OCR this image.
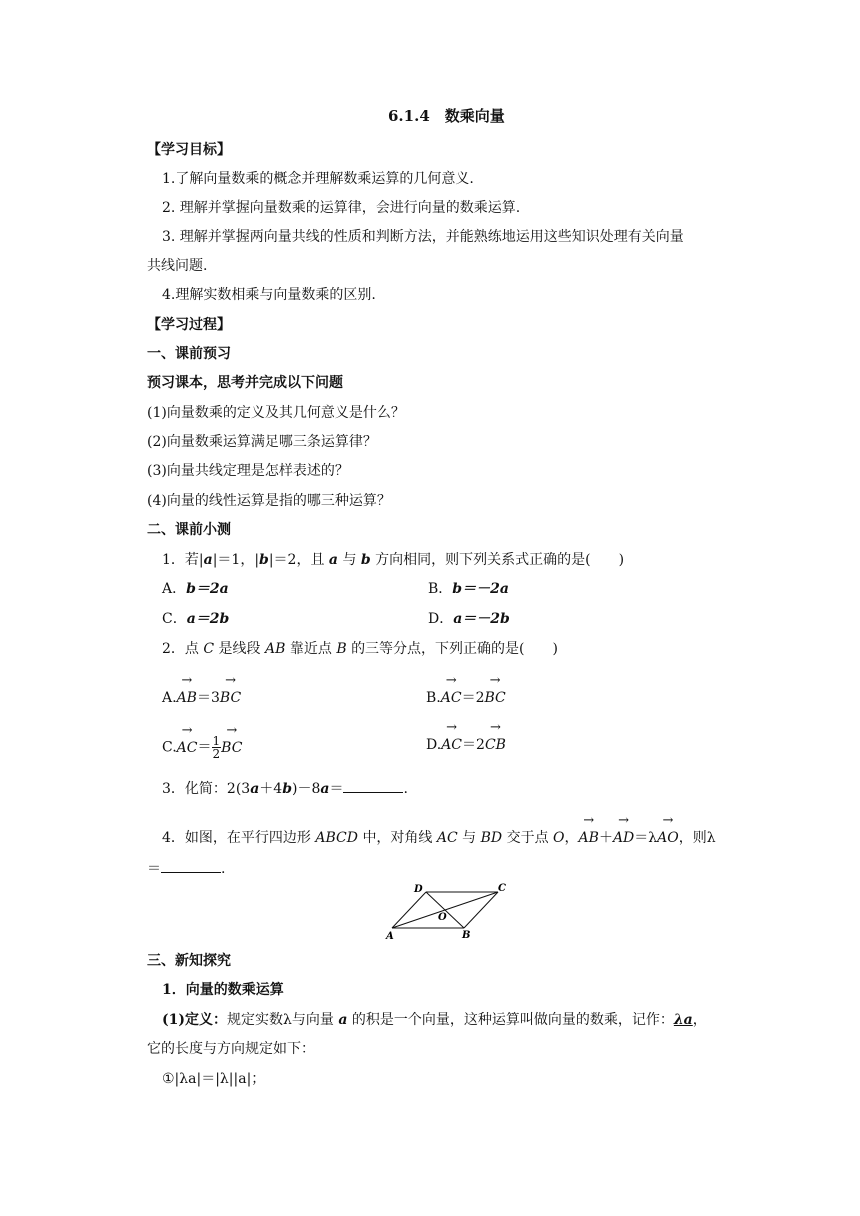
6.1.4　数乘向量
【学习目标】
1.了解向量数乘的概念并理解数乘运算的几何意义.
2. 理解并掌握向量数乘的运算律，会进行向量的数乘运算.
3. 理解并掌握两向量共线的性质和判断方法，并能熟练地运用这些知识处理有关向量
共线问题.
4.理解实数相乘与向量数乘的区别.
【学习过程】
一、课前预习
预习课本，思考并完成以下问题
(1)向量数乘的定义及其几何意义是什么？
(2)向量数乘运算满足哪三条运算律？
(3)向量共线定理是怎样表述的？
(4)向量的线性运算是指的哪三种运算？
二、课前小测
1．若|a|＝1，|b|＝2，且 a 与 b 方向相同，则下列关系式正确的是(　　)
A．b＝2a	B．b＝－2a
C．a＝2b	D．a＝－2b
2．点 C 是线段 AB 靠近点 B 的三等分点，下列正确的是(　　)
A.→ AB＝3→ BC	B.→ AC＝2→ BC
$C.\to AC= \frac{1}{2}$
→ BC	D.→ AC＝2→ CB
3．化简：2(3a＋4b)－8a＝	.
4．如图，在平行四边形 ABCD 中，对角线 AC 与 BD 交于点 O，→ AB＋→ AD＝λ→ AO，则λ
＝	.
D	C
O
A	B
三、新知探究
1．向量的数乘运算
(1)定义：规定实数λ与向量 a 的积是一个向量，这种运算叫做向量的数乘，记作：λa，
它的长度与方向规定如下：
①|λa|＝|λ||a|；
